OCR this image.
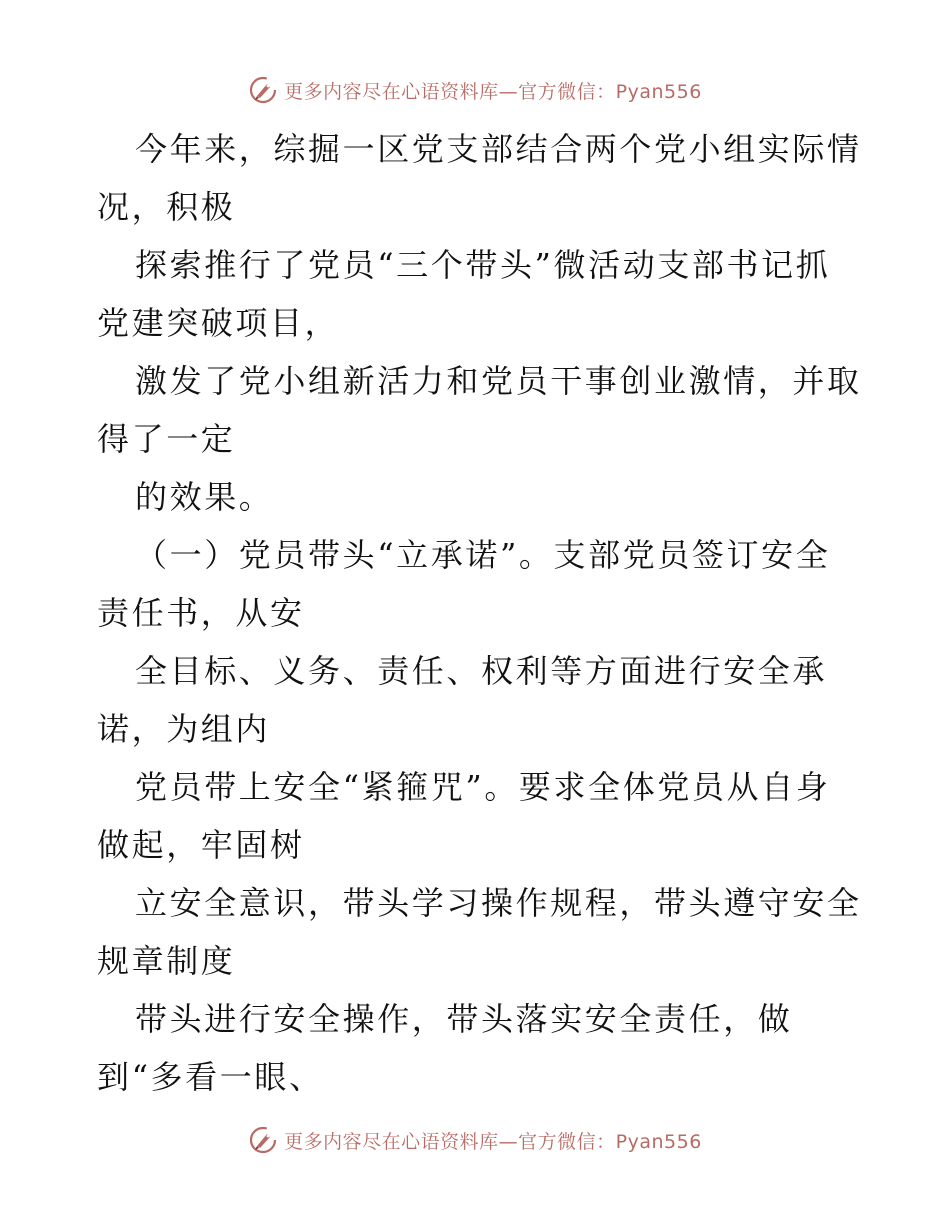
更多内容尽在心语资料库—官方微信：Pyan556
今年来，综掘一区党支部结合两个党小组实际情
况，积极
探索推行了党员“三个带头”微活动支部书记抓
党建突破项目，
激发了党小组新活力和党员干事创业激情，并取
得了一定
的效果。
（一）党员带头“立承诺”。支部党员签订安全
责任书，从安
全目标、义务、责任、权利等方面进行安全承
诺，为组内
党员带上安全“紧箍咒”。要求全体党员从自身
做起，牢固树
立安全意识，带头学习操作规程，带头遵守安全
规章制度
带头进行安全操作，带头落实安全责任，做
到“多看一眼、
更多内容尽在心语资料库—官方微信：Pyan556
